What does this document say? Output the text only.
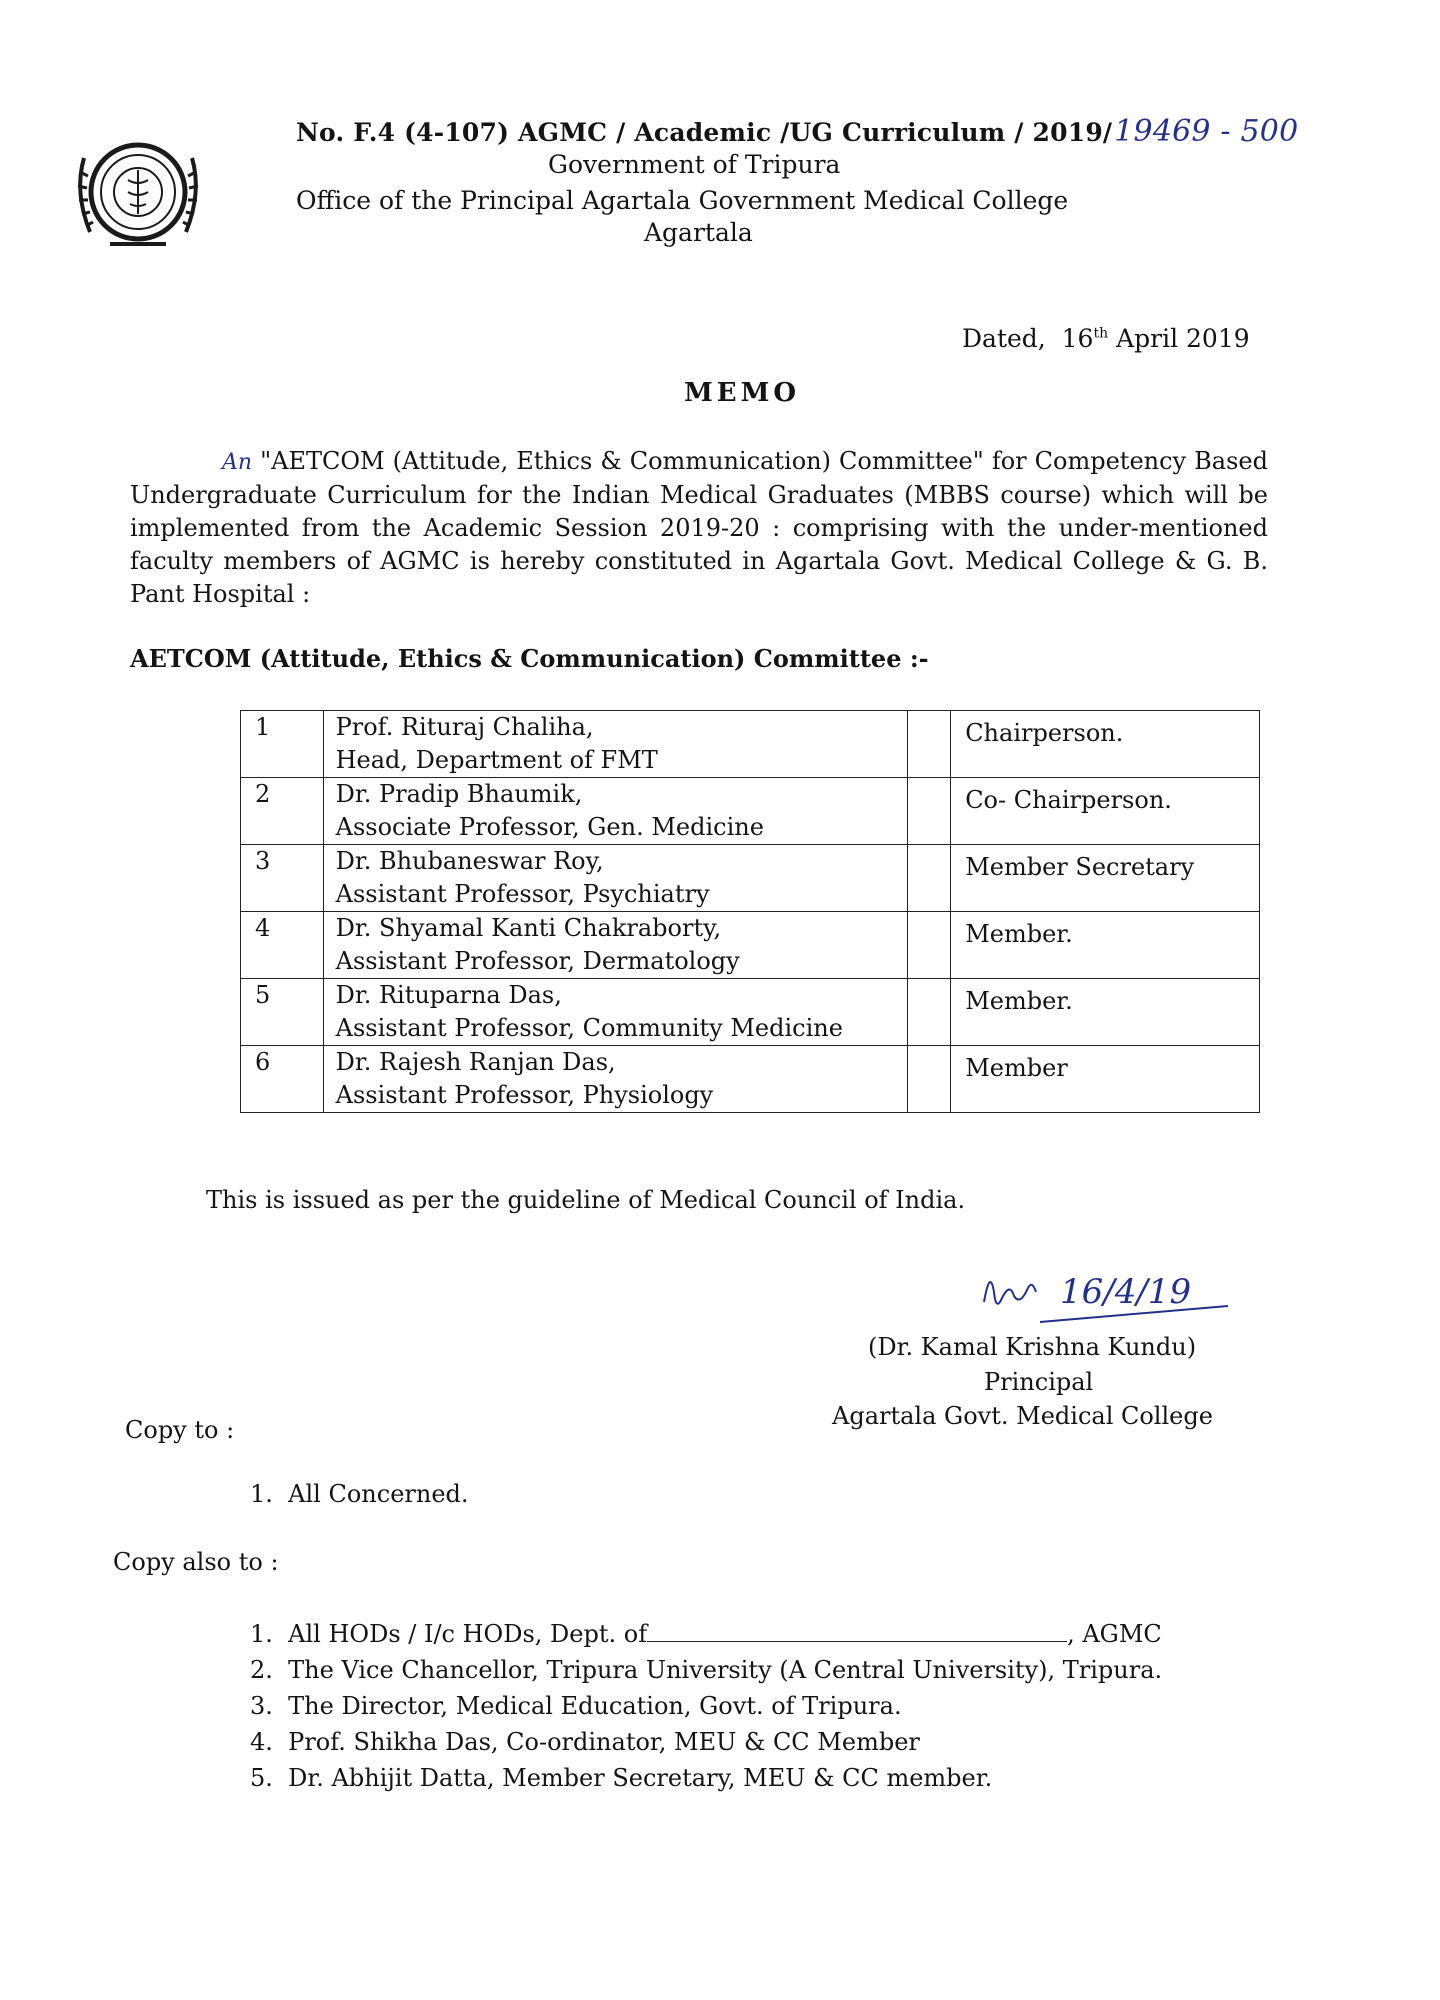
No. F.4 (4-107) AGMC / Academic /UG Curriculum / 2019/19469 - 500
Government of Tripura
Office of the Principal Agartala Government Medical College
Agartala
Dated, 16th April 2019
MEMO
An "AETCOM (Attitude, Ethics & Communication) Committee" for Competency Based Undergraduate Curriculum for the Indian Medical Graduates (MBBS course) which will be implemented from the Academic Session 2019-20 : comprising with the under-mentioned faculty members of AGMC is hereby constituted in Agartala Govt. Medical College & G. B. Pant Hospital :
AETCOM (Attitude, Ethics & Communication) Committee :-
1	Prof. Rituraj Chaliha,
Head, Department of FMT		Chairperson.
2	Dr. Pradip Bhaumik,
Associate Professor, Gen. Medicine		Co- Chairperson.
3	Dr. Bhubaneswar Roy,
Assistant Professor, Psychiatry		Member Secretary
4	Dr. Shyamal Kanti Chakraborty,
Assistant Professor, Dermatology		Member.
5	Dr. Rituparna Das,
Assistant Professor, Community Medicine		Member.
6	Dr. Rajesh Ranjan Das,
Assistant Professor, Physiology		Member
This is issued as per the guideline of Medical Council of India.
16/4/19
(Dr. Kamal Krishna Kundu)
Principal
Agartala Govt. Medical College
Copy to :
1. All Concerned.
Copy also to :
1. All HODs / I/c HODs, Dept. of	, AGMC
2. The Vice Chancellor, Tripura University (A Central University), Tripura.
3. The Director, Medical Education, Govt. of Tripura.
4. Prof. Shikha Das, Co-ordinator, MEU & CC Member
5. Dr. Abhijit Datta, Member Secretary, MEU & CC member.
